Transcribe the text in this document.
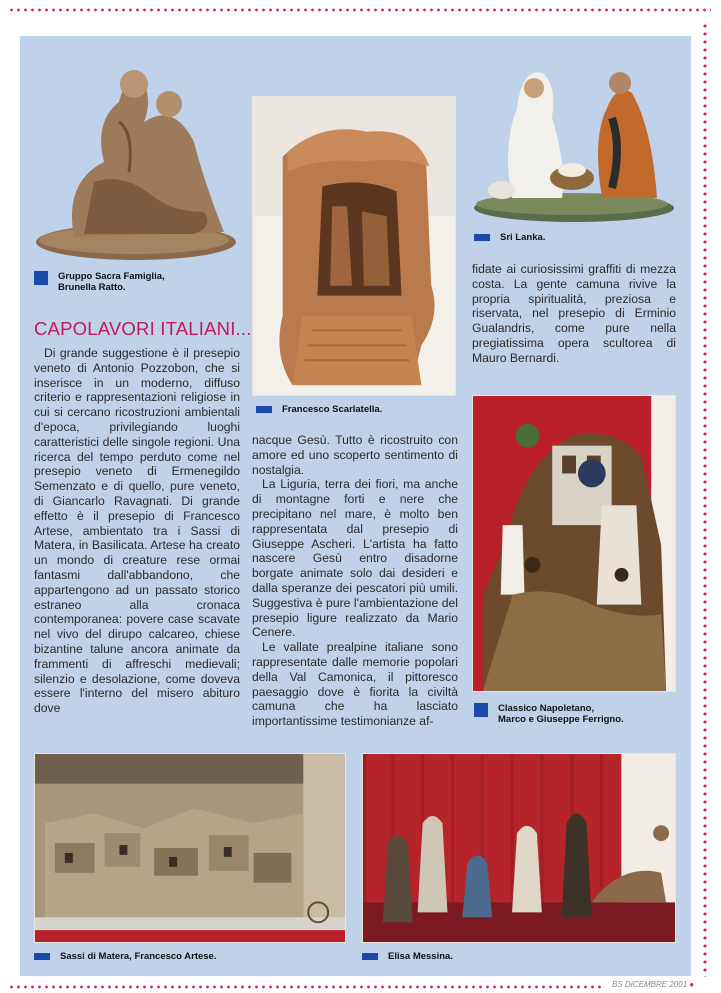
Gruppo Sacra Famiglia,
Brunella Ratto.
Francesco Scarlatella.
Sri Lanka.
Classico Napoletano,
Marco e Giuseppe Ferrigno.
Sassi di Matera, Francesco Artese.	Elisa Messina.
CAPOLAVORI ITALIANI...

Di grande suggestione è il presepio veneto di Antonio Pozzobon, che si inserisce in un moderno, diffuso criterio e rappresentazioni religiose in cui si cercano ricostruzioni ambientali d'epoca, privilegiando luoghi caratteristici delle singole regioni. Una ricerca del tempo perduto come nel presepio veneto di Ermenegildo Semenzato e di quello, pure veneto, di Giancarlo Ravagnati. Di grande effetto è il presepio di Francesco Artese, ambientato tra i Sassi di Matera, in Basilicata. Artese ha creato un mondo di creature rese ormai fantasmi dall'abbandono, che appartengono ad un passato storico estraneo alla cronaca contemporanea: povere case scavate nel vivo del dirupo calcareo, chiese bizantine talune ancora animate da frammenti di affreschi medievali; silenzio e desolazione, come doveva essere l'interno del misero abituro dove

nacque Gesù. Tutto è ricostruito con amore ed uno scoperto sentimento di nostalgia.

La Liguria, terra dei fiori, ma anche di montagne forti e nere che precipitano nel mare, è molto ben rappresentata dal presepio di Giuseppe Ascheri. L'artista ha fatto nascere Gesù entro disadorne borgate animate solo dai desideri e dalla speranze dei pescatori più umili. Suggestiva è pure l'ambientazione del presepio ligure realizzato da Mario Cenere.

Le vallate prealpine italiane sono rappresentate dalle memorie popolari della Val Camonica, il pittoresco paesaggio dove è fiorita la civiltà camuna che ha lasciato importantissime testimonianze af-

fidate ai curiosissimi graffiti di mezza costa. La gente camuna rivive la propria spiritualità, preziosa e riservata, nel presepio di Erminio Gualandris, come pure nella pregiatissima opera scultorea di Mauro Bernardi.

BS DICEMBRE 2001 ●
